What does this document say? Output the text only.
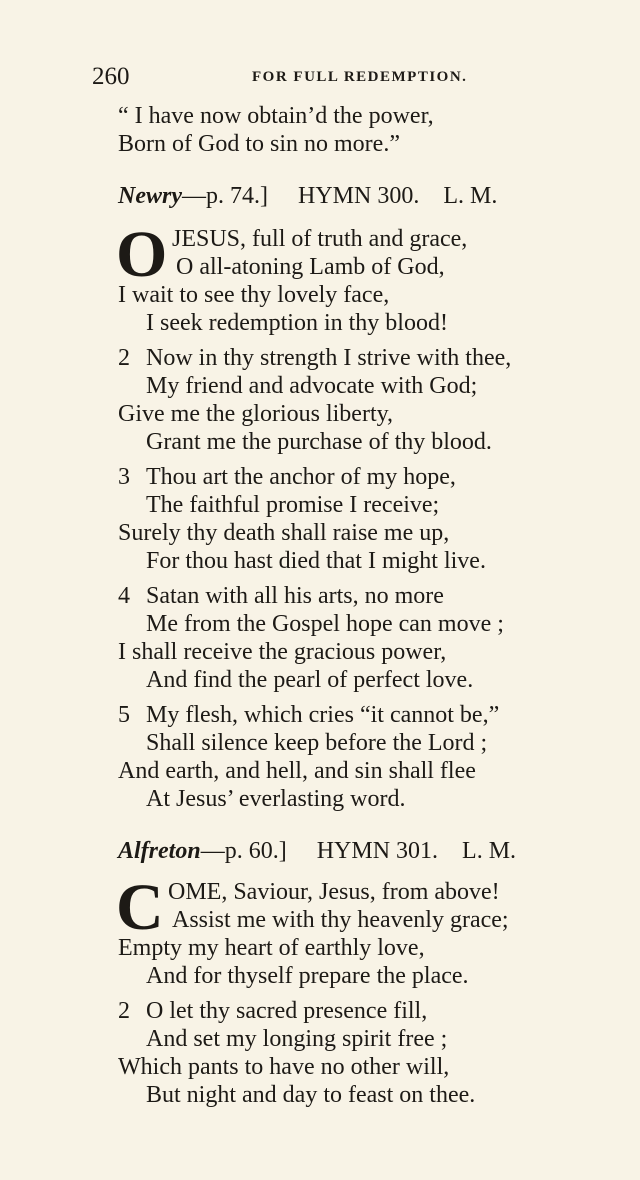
260	FOR FULL REDEMPTION.
“ I have now obtain’d the power,
Born of God to sin no more.”
Newry—p. 74.] HYMN 300. L. M.
O JESUS, full of truth and grace,
O all-atoning Lamb of God,
I wait to see thy lovely face,
I seek redemption in thy blood!
2 Now in thy strength I strive with thee,
My friend and advocate with God;
Give me the glorious liberty,
Grant me the purchase of thy blood.
3 Thou art the anchor of my hope,
The faithful promise I receive;
Surely thy death shall raise me up,
For thou hast died that I might live.
4 Satan with all his arts, no more
Me from the Gospel hope can move ;
I shall receive the gracious power,
And find the pearl of perfect love.
5 My flesh, which cries “it cannot be,”
Shall silence keep before the Lord ;
And earth, and hell, and sin shall flee
At Jesus’ everlasting word.
Alfreton—p. 60.] HYMN 301. L. M.
C OME, Saviour, Jesus, from above!
Assist me with thy heavenly grace;
Empty my heart of earthly love,
And for thyself prepare the place.
2 O let thy sacred presence fill,
And set my longing spirit free ;
Which pants to have no other will,
But night and day to feast on thee.
